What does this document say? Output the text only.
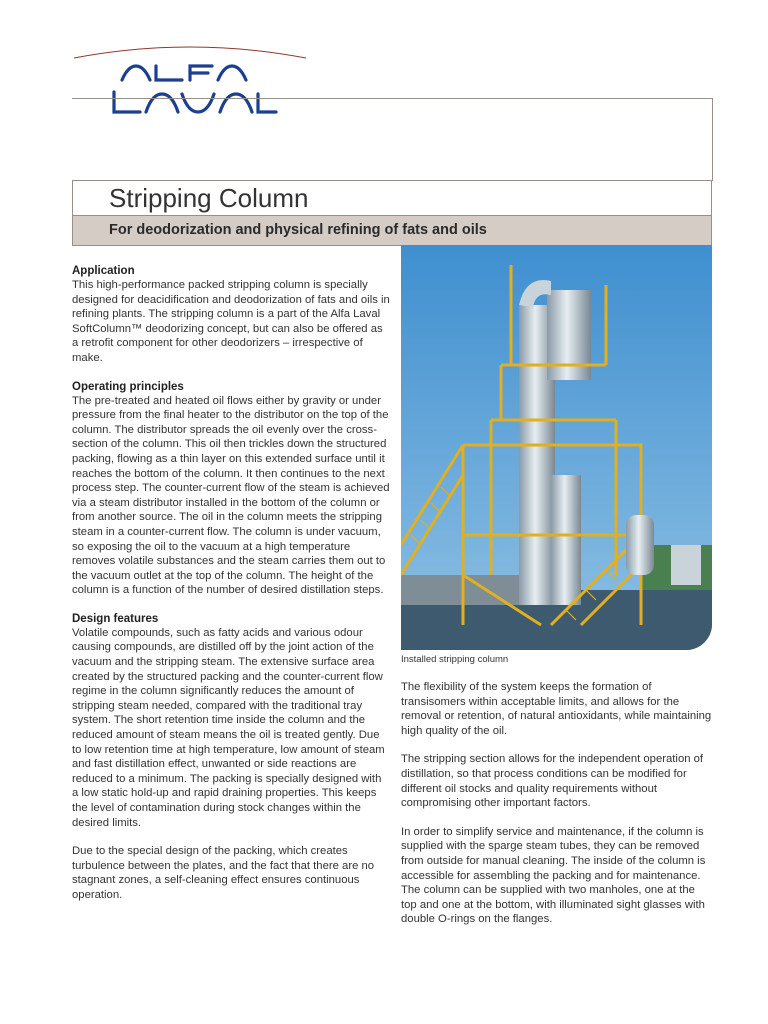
Stripping Column
For deodorization and physical refining of fats and oils
Application

This high-performance packed stripping column is specially designed for deacidification and deodorization of fats and oils in refining plants. The stripping column is a part of the Alfa Laval SoftColumn™ deodorizing concept, but can also be offered as a retrofit component for other deodorizers – irrespective of make.

Operating principles

The pre-treated and heated oil flows either by gravity or under pressure from the final heater to the distributor on the top of the column. The distributor spreads the oil evenly over the cross-section of the column. This oil then trickles down the structured packing, flowing as a thin layer on this extended surface until it reaches the bottom of the column. It then continues to the next process step. The counter-current flow of the steam is achieved via a steam distributor installed in the bottom of the column or from another source. The oil in the column meets the stripping steam in a counter-current flow. The column is under vacuum, so exposing the oil to the vacuum at a high temperature removes volatile substances and the steam carries them out to the vacuum outlet at the top of the column. The height of the column is a function of the number of desired distillation steps.

Design features

Volatile compounds, such as fatty acids and various odour causing compounds, are distilled off by the joint action of the vacuum and the stripping steam. The extensive surface area created by the structured packing and the counter-current flow regime in the column significantly reduces the amount of stripping steam needed, compared with the traditional tray system. The short retention time inside the column and the reduced amount of steam means the oil is treated gently. Due to low retention time at high temperature, low amount of steam and fast distillation effect, unwanted or side reactions are reduced to a minimum. The packing is specially designed with a low static hold-up and rapid draining properties. This keeps the level of contamination during stock changes within the desired limits.

Due to the special design of the packing, which creates turbulence between the plates, and the fact that there are no stagnant zones, a self-cleaning effect ensures continuous operation.

Installed stripping column

The flexibility of the system keeps the formation of transisomers within acceptable limits, and allows for the removal or retention, of natural antioxidants, while maintaining high quality of the oil.

The stripping section allows for the independent operation of distillation, so that process conditions can be modified for different oil stocks and quality requirements without compromising other important factors.

In order to simplify service and maintenance, if the column is supplied with the sparge steam tubes, they can be removed from outside for manual cleaning. The inside of the column is accessible for assembling the packing and for maintenance. The column can be supplied with two manholes, one at the top and one at the bottom, with illuminated sight glasses with double O-rings on the flanges.
